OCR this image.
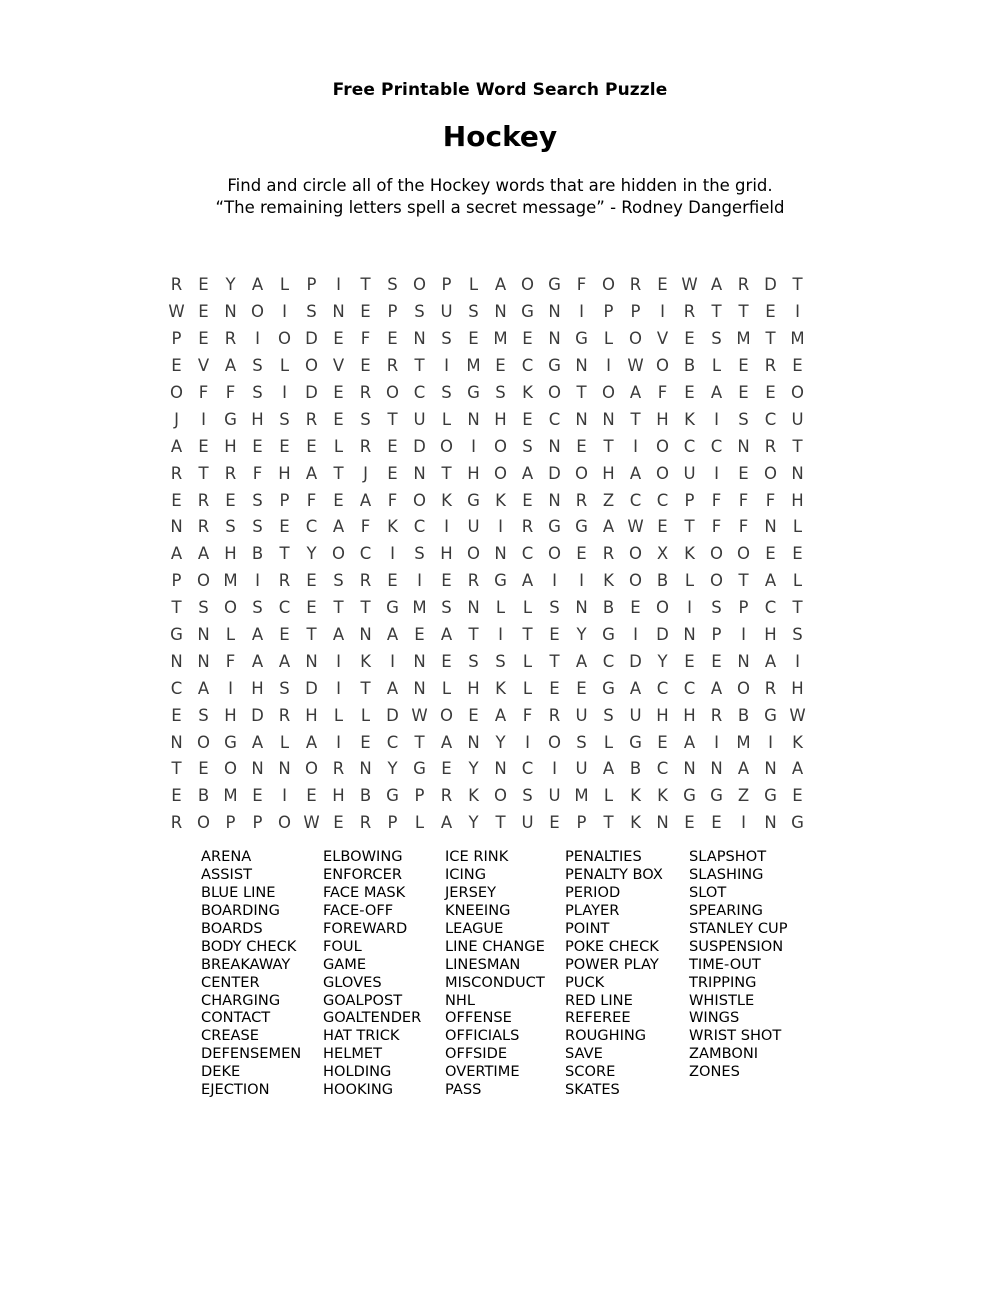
Free Printable Word Search Puzzle
Hockey
Find and circle all of the Hockey words that are hidden in the grid.
“The remaining letters spell a secret message” - Rodney Dangerfield
R E	Y A	L	P	I	T	S O P	L	A O G F O R E W A R D T
W E N O	I	S N E	P	S U S N G N	I	P	P	I	R T	T	E	I
P	E R	I	O D E	F	E N S	E M E N G L O V E	S M T M
E V A S	L O V E R T	I	M E C G N	I W O B	L	E R E
O F	F	S	I	D E R O C S G S K O T O A	F	E A E	E O
J	I	G H S R E	S	T U L N H E C N N T H K	I	S C U
A E H E	E	E	L	R E D O	I	O S N E	T	I	O C C N R T
R T R	F H A T	J	E N T H O A D O H A O U	I	E O N
E R E	S	P	F	E A	F O K G K E N R Z C C P	F	F	F H
N R S	S	E C A	F	K C	I	U	I	R G G A W E	T	F	F N L
A A H B T	Y O C	I	S H O N C O E R O X K O O E	E
P O M	I	R E	S R E	I	E R G A	I	I	K O B	L O T A	L
T	S O S C E	T	T G M S N L	L	S N B E O	I	S	P C T
G N L	A E	T A N A E A T	I	T	E	Y G	I	D N P	I	H S
N N F	A A N	I	K	I	N E	S	S	L	T A C D Y	E	E N A	I
C A	I	H S D	I	T A N L H K	L	E	E G A C C A O R H
E	S H D R H L	L D W O E A	F	R U S U H H R B G W
N O G A	L	A	I	E C T A N Y	I	O S	L G E A	I	M	I	K
T	E O N N O R N Y G E	Y N C	I	U A B C N N A N A
E B M E	I	E H B G P R K O S U M L	K K G G Z G E
R O P	P O W E R P	L	A Y	T U E	P	T	K N E	E	I	N G
ARENA
ASSIST
BLUE LINE
BOARDING
BOARDS
BODY CHECK
BREAKAWAY
CENTER
CHARGING
CONTACT
CREASE
DEFENSEMEN
DEKE
EJECTION
ELBOWING
ENFORCER
FACE MASK
FACE-OFF
FOREWARD
FOUL
GAME
GLOVES
GOALPOST
GOALTENDER
HAT TRICK
HELMET
HOLDING
HOOKING
ICE RINK
ICING
JERSEY
KNEEING
LEAGUE
LINE CHANGE
LINESMAN
MISCONDUCT
NHL
OFFENSE
OFFICIALS
OFFSIDE
OVERTIME
PASS
PENALTIES
PENALTY BOX
PERIOD
PLAYER
POINT
POKE CHECK
POWER PLAY
PUCK
RED LINE
REFEREE
ROUGHING
SAVE
SCORE
SKATES
SLAPSHOT
SLASHING
SLOT
SPEARING
STANLEY CUP
SUSPENSION
TIME-OUT
TRIPPING
WHISTLE
WINGS
WRIST SHOT
ZAMBONI
ZONES
